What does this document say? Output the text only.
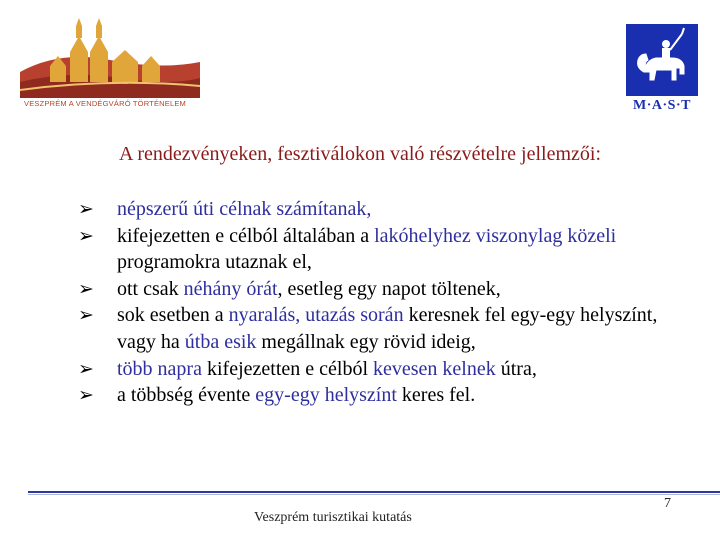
VESZPRÉM A VENDÉGVÁRÓ TÖRTÉNELEM	M·A·S·T
A rendezvényeken, fesztiválokon való részvételre jellemzői:
➢ népszerű úti célnak számítanak,
➢ kifejezetten e célból általában a lakóhelyhez viszonylag közeli programokra utaznak el,
➢ ott csak néhány órát, esetleg egy napot töltenek,
➢ sok esetben a nyaralás, utazás során keresnek fel egy-egy helyszínt, vagy ha útba esik megállnak egy rövid ideig,
➢ több napra kifejezetten e célból kevesen kelnek útra,
➢ a többség évente egy-egy helyszínt keres fel.
Veszprém turisztikai kutatás
7
